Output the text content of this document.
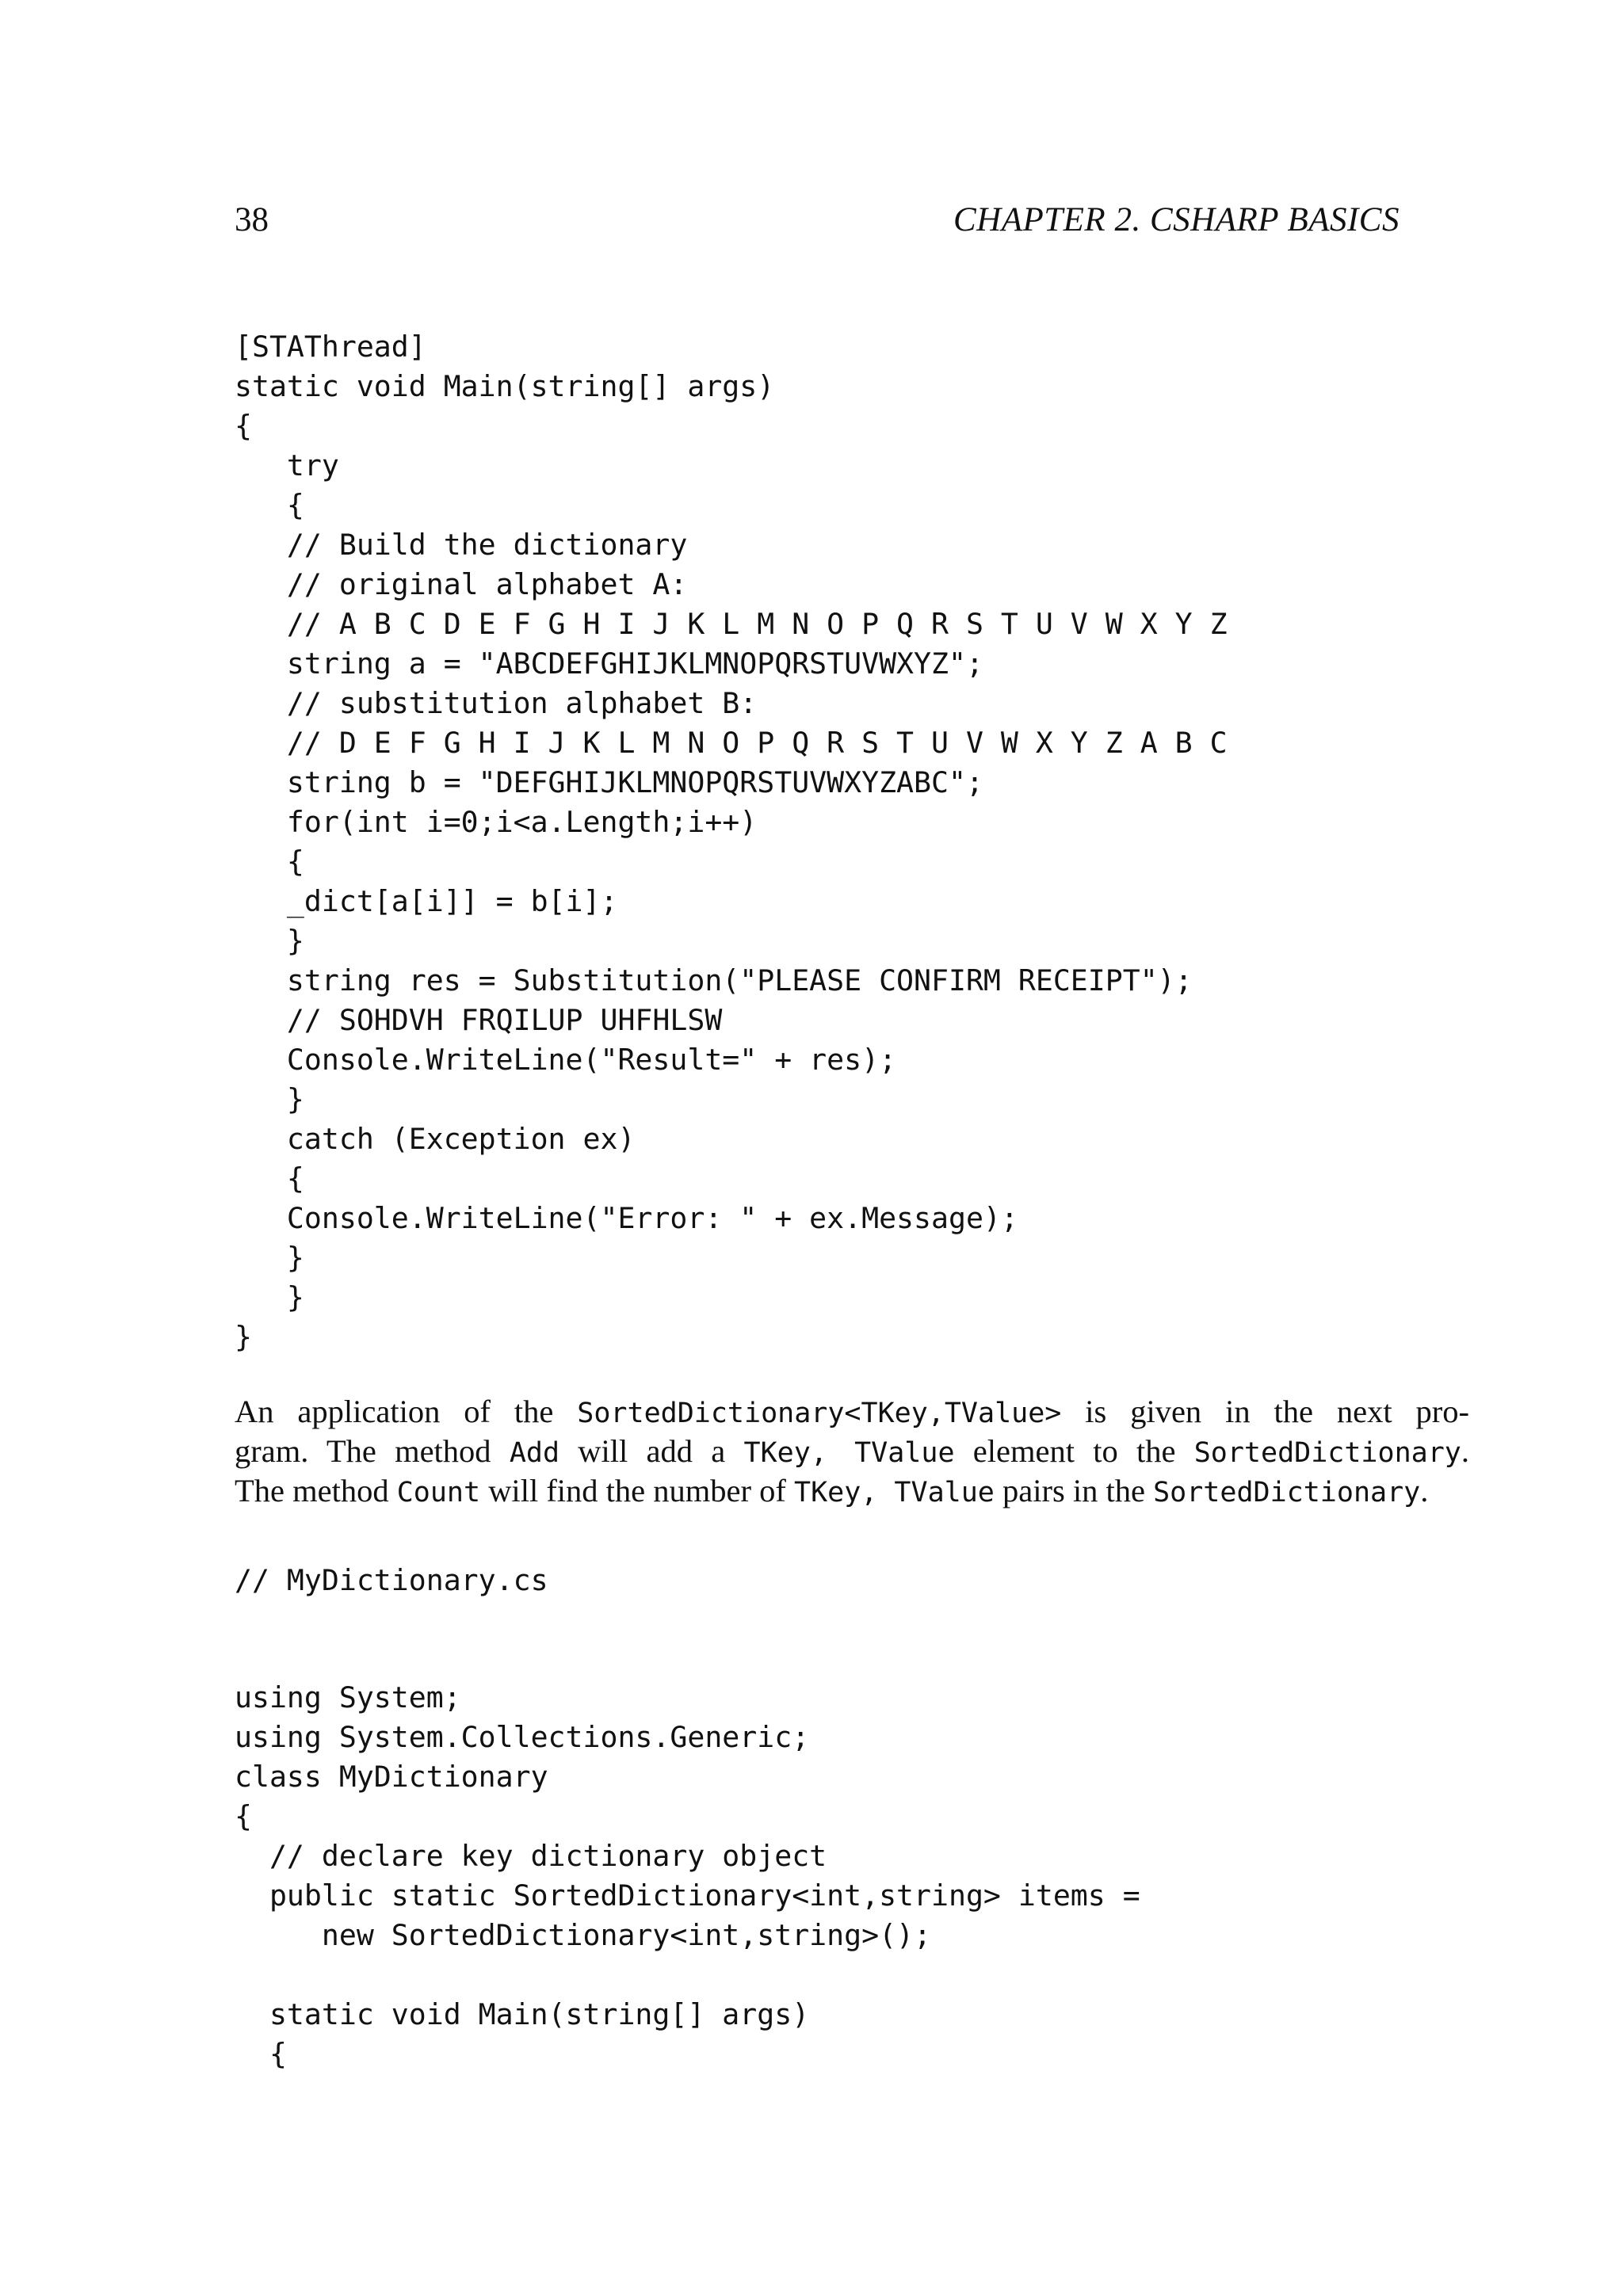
38	CHAPTER 2. CSHARP BASICS
[STAThread]
static void Main(string[] args)
{
try
{
// Build the dictionary
// original alphabet A:
// A B C D E F G H I J K L M N O P Q R S T U V W X Y Z
string a = "ABCDEFGHIJKLMNOPQRSTUVWXYZ";
// substitution alphabet B:
// D E F G H I J K L M N O P Q R S T U V W X Y Z A B C
string b = "DEFGHIJKLMNOPQRSTUVWXYZABC";
for(int i=0;i<a.Length;i++)
{
_dict[a[i]] = b[i];
}
string res = Substitution("PLEASE CONFIRM RECEIPT");
// SOHDVH FRQILUP UHFHLSW
Console.WriteLine("Result=" + res);
}
catch (Exception ex)
{
Console.WriteLine("Error: " + ex.Message);
}
}
}
An application of the SortedDictionary<TKey,TValue> is given in the next pro-
gram. The method Add will add a TKey, TValue element to the SortedDictionary.
The method Count will find the number of TKey, TValue pairs in the SortedDictionary.
// MyDictionary.cs
using System;
using System.Collections.Generic;
class MyDictionary
{
// declare key dictionary object
public static SortedDictionary<int,string> items =
new SortedDictionary<int,string>();
static void Main(string[] args)
{
